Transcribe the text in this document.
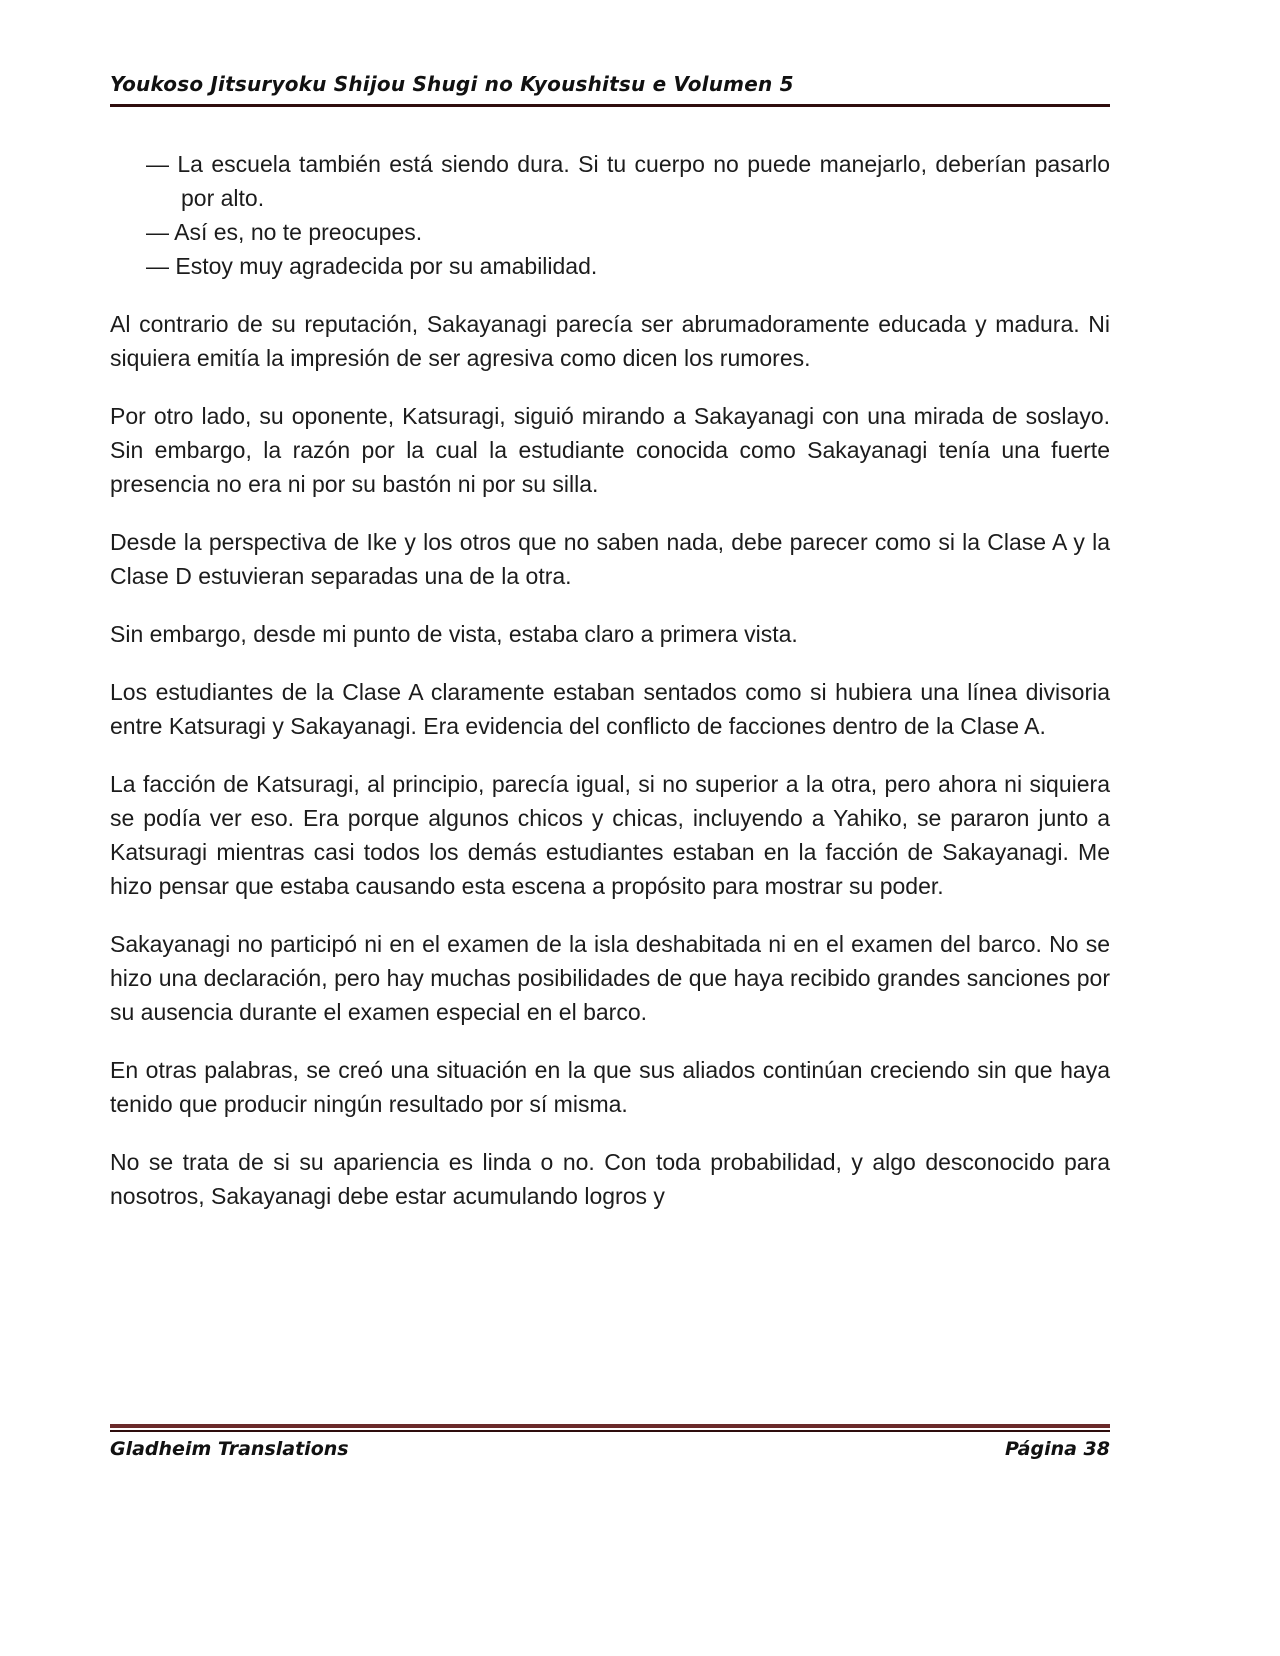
Youkoso Jitsuryoku Shijou Shugi no Kyoushitsu e Volumen 5

— La escuela también está siendo dura. Si tu cuerpo no puede manejarlo, deberían pasarlo por alto.

— Así es, no te preocupes.

— Estoy muy agradecida por su amabilidad.

Al contrario de su reputación, Sakayanagi parecía ser abrumadoramente educada y madura. Ni siquiera emitía la impresión de ser agresiva como dicen los rumores.

Por otro lado, su oponente, Katsuragi, siguió mirando a Sakayanagi con una mirada de soslayo. Sin embargo, la razón por la cual la estudiante conocida como Sakayanagi tenía una fuerte presencia no era ni por su bastón ni por su silla.

Desde la perspectiva de Ike y los otros que no saben nada, debe parecer como si la Clase A y la Clase D estuvieran separadas una de la otra.

Sin embargo, desde mi punto de vista, estaba claro a primera vista.

Los estudiantes de la Clase A claramente estaban sentados como si hubiera una línea divisoria entre Katsuragi y Sakayanagi. Era evidencia del conflicto de facciones dentro de la Clase A.

La facción de Katsuragi, al principio, parecía igual, si no superior a la otra, pero ahora ni siquiera se podía ver eso. Era porque algunos chicos y chicas, incluyendo a Yahiko, se pararon junto a Katsuragi mientras casi todos los demás estudiantes estaban en la facción de Sakayanagi. Me hizo pensar que estaba causando esta escena a propósito para mostrar su poder.

Sakayanagi no participó ni en el examen de la isla deshabitada ni en el examen del barco. No se hizo una declaración, pero hay muchas posibilidades de que haya recibido grandes sanciones por su ausencia durante el examen especial en el barco.

En otras palabras, se creó una situación en la que sus aliados continúan creciendo sin que haya tenido que producir ningún resultado por sí misma.

No se trata de si su apariencia es linda o no. Con toda probabilidad, y algo desconocido para nosotros, Sakayanagi debe estar acumulando logros y

Gladheim Translations	Página 38
